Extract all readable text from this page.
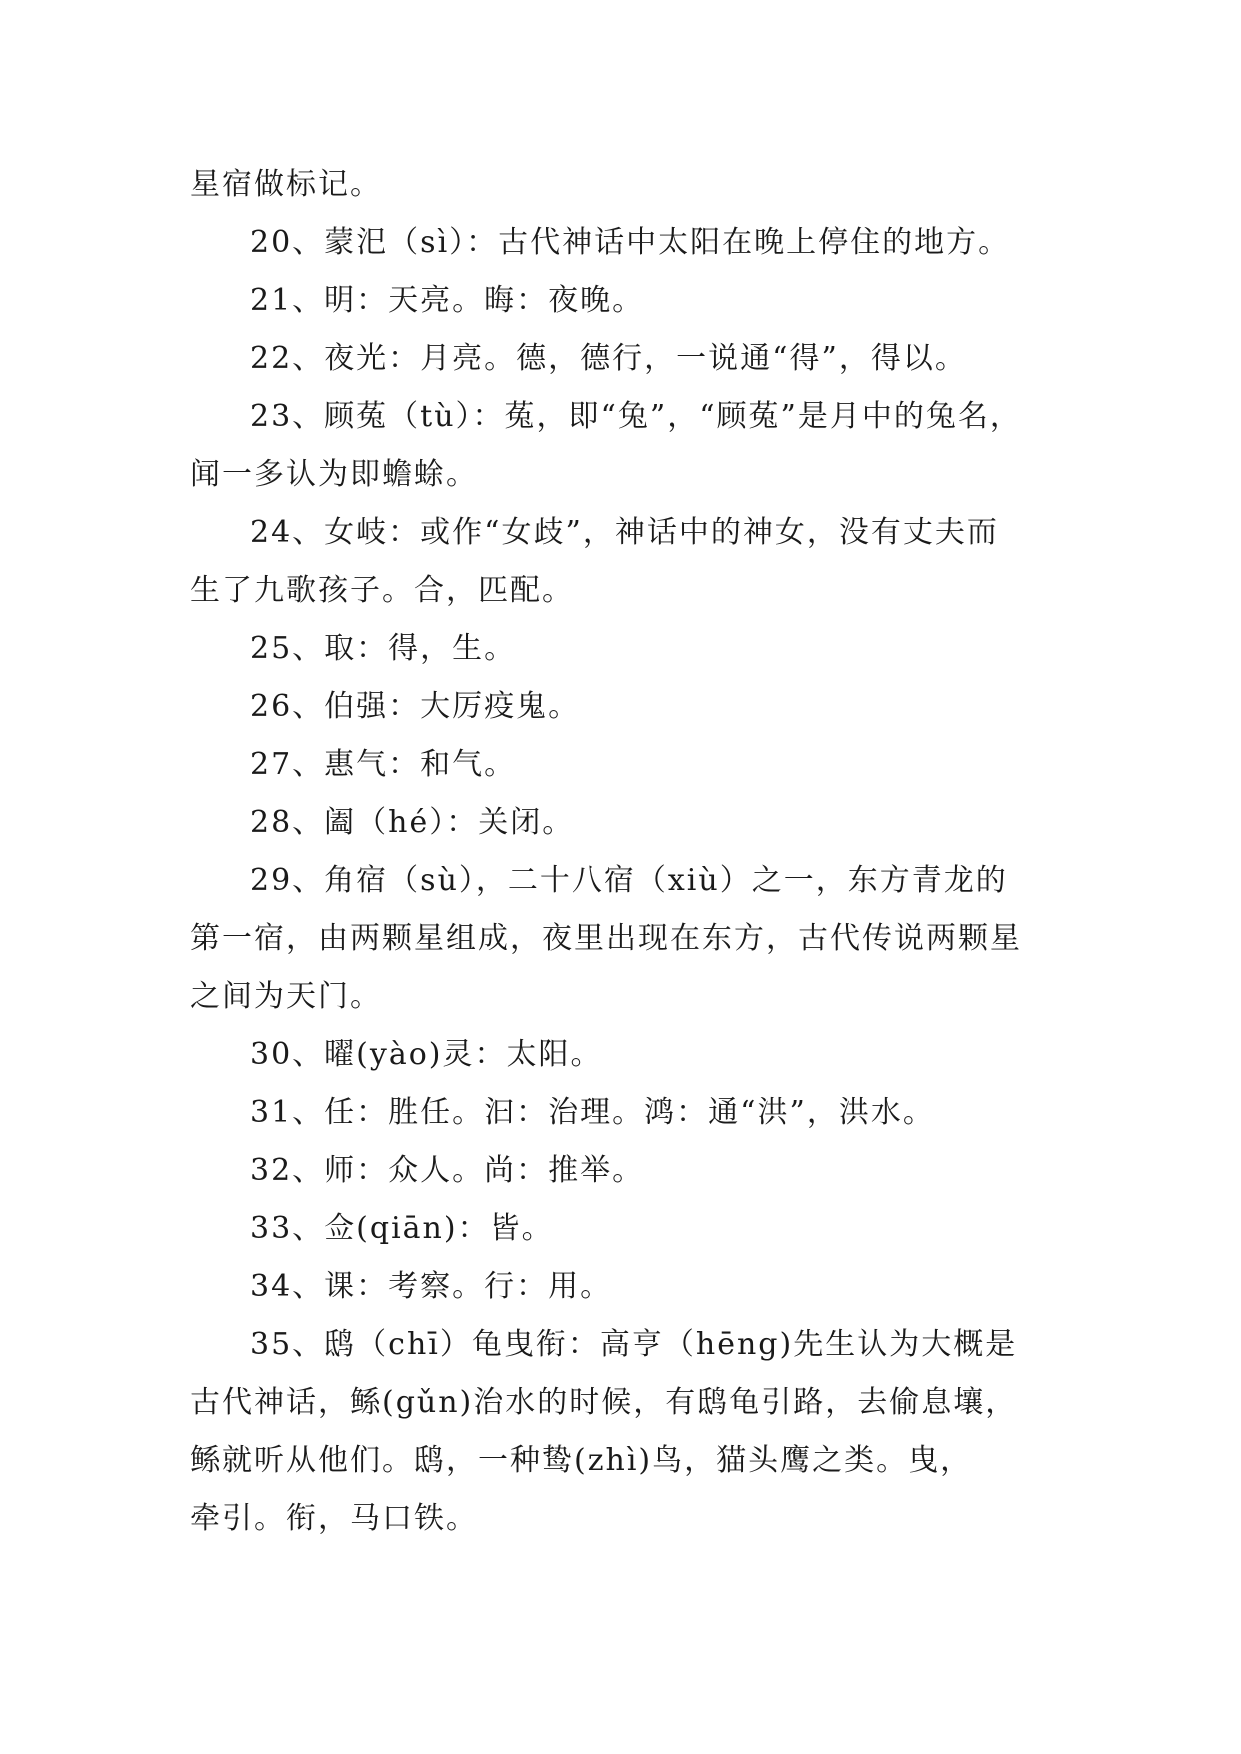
星宿做标记。
20、蒙汜（sì）：古代神话中太阳在晚上停住的地方。
21、明：天亮。晦：夜晚。
22、夜光：月亮。德，德行，一说通“得”，得以。
23、顾菟（tù）：菟，即“兔”，“顾菟”是月中的兔名，
闻一多认为即蟾蜍。
24、女岐：或作“女歧”，神话中的神女，没有丈夫而
生了九歌孩子。合，匹配。
25、取：得，生。
26、伯强：大厉疫鬼。
27、惠气：和气。
28、阖（hé）：关闭。
29、角宿（sù），二十八宿（xiù）之一，东方青龙的
第一宿，由两颗星组成，夜里出现在东方，古代传说两颗星
之间为天门。
30、曜(yào)灵：太阳。
31、任：胜任。汩：治理。鸿：通“洪”，洪水。
32、师：众人。尚：推举。
33、佥(qiān)：皆。
34、课：考察。行：用。
35、鸱（chī）龟曳衔：高亨（hēng)先生认为大概是
古代神话，鲧(gǔn)治水的时候，有鸱龟引路，去偷息壤，
鲧就听从他们。鸱，一种鸷(zhì)鸟，猫头鹰之类。曳，
牵引。衔，马口铁。
